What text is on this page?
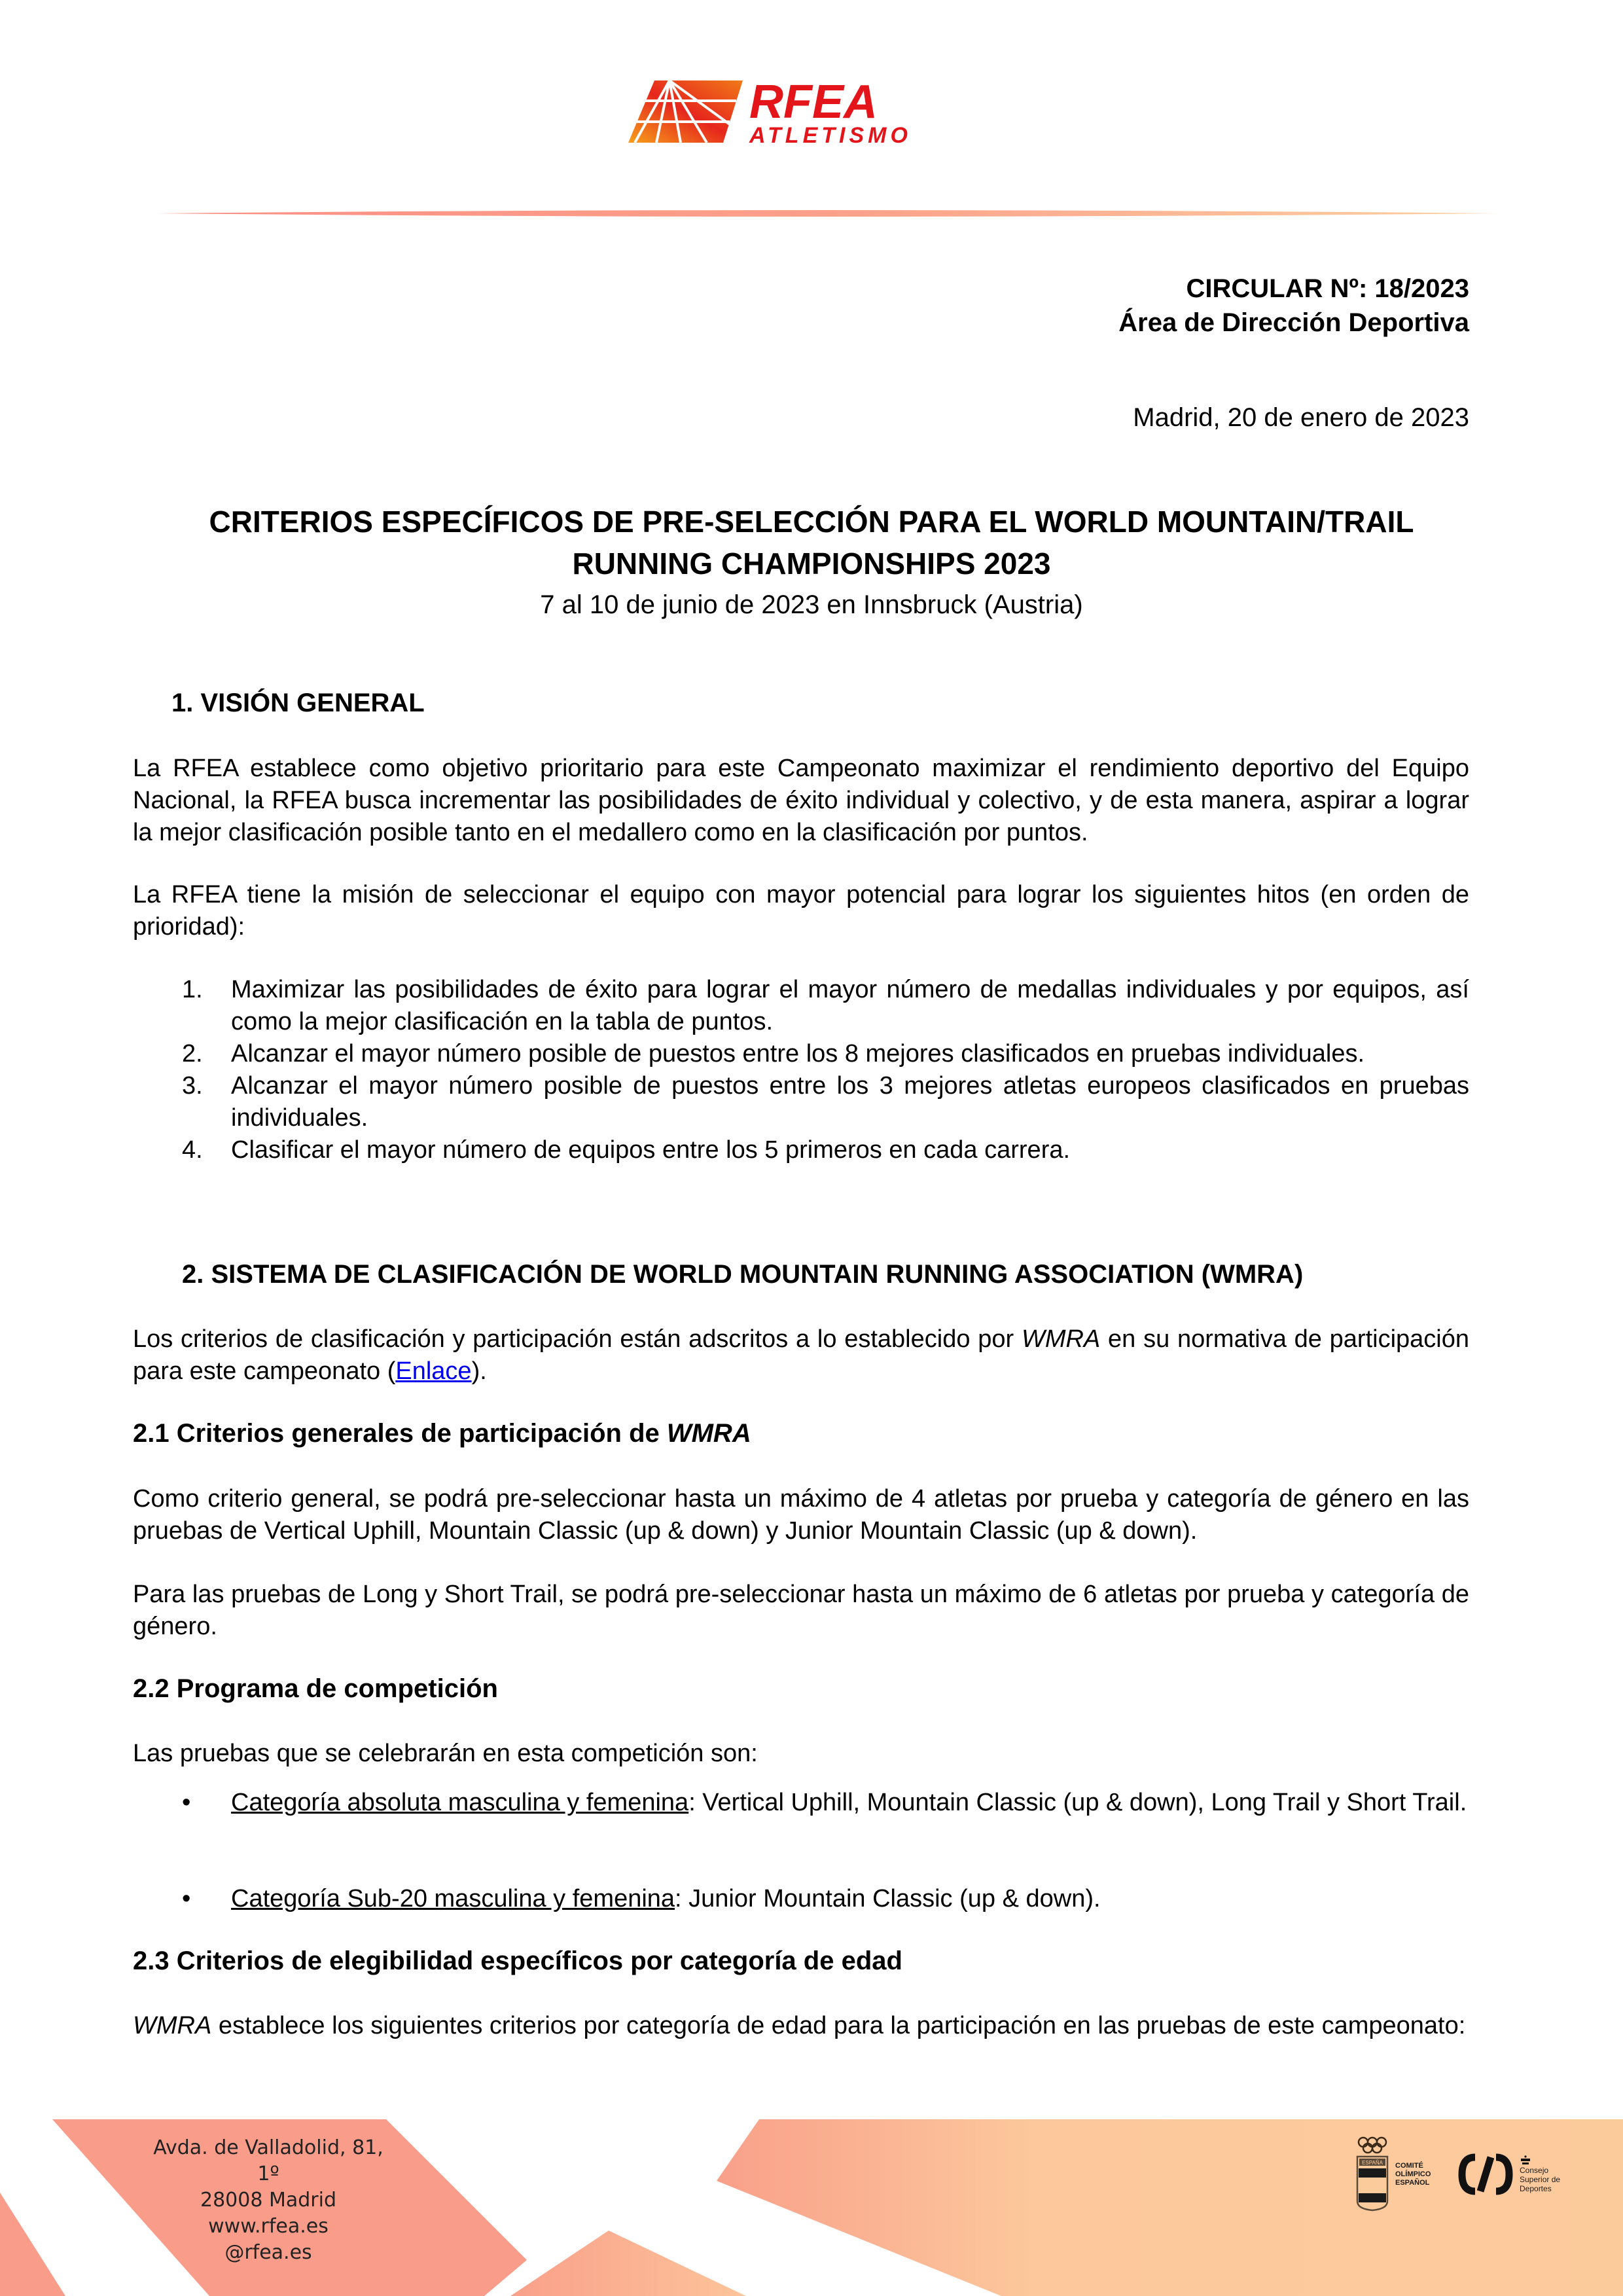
RFEA
ATLETISMO
CIRCULAR Nº: 18/2023
Área de Dirección Deportiva
Madrid, 20 de enero de 2023
CRITERIOS ESPECÍFICOS DE PRE-SELECCIÓN PARA EL WORLD MOUNTAIN/TRAIL
RUNNING CHAMPIONSHIPS 2023
7 al 10 de junio de 2023 en Innsbruck (Austria)
1. VISIÓN GENERAL

La RFEA establece como objetivo prioritario para este Campeonato maximizar el rendimiento deportivo del Equipo Nacional, la RFEA busca incrementar las posibilidades de éxito individual y colectivo, y de esta manera, aspirar a lograr la mejor clasificación posible tanto en el medallero como en la clasificación por puntos.

La RFEA tiene la misión de seleccionar el equipo con mayor potencial para lograr los siguientes hitos (en orden de prioridad):

1. Maximizar las posibilidades de éxito para lograr el mayor número de medallas individuales y por equipos, así como la mejor clasificación en la tabla de puntos.
2. Alcanzar el mayor número posible de puestos entre los 8 mejores clasificados en pruebas individuales.
3. Alcanzar el mayor número posible de puestos entre los 3 mejores atletas europeos clasificados en pruebas individuales.
4. Clasificar el mayor número de equipos entre los 5 primeros en cada carrera.
2. SISTEMA DE CLASIFICACIÓN DE WORLD MOUNTAIN RUNNING ASSOCIATION (WMRA)

Los criterios de clasificación y participación están adscritos a lo establecido por WMRA en su normativa de participación para este campeonato (Enlace).

2.1 Criterios generales de participación de WMRA

Como criterio general, se podrá pre-seleccionar hasta un máximo de 4 atletas por prueba y categoría de género en las pruebas de Vertical Uphill, Mountain Classic (up & down) y Junior Mountain Classic (up & down).

Para las pruebas de Long y Short Trail, se podrá pre-seleccionar hasta un máximo de 6 atletas por prueba y categoría de género.

2.2 Programa de competición

Las pruebas que se celebrarán en esta competición son:

• Categoría absoluta masculina y femenina: Vertical Uphill, Mountain Classic (up & down), Long Trail y Short Trail.
• Categoría Sub-20 masculina y femenina: Junior Mountain Classic (up & down).
2.3 Criterios de elegibilidad específicos por categoría de edad

WMRA establece los siguientes criterios por categoría de edad para la participación en las pruebas de este campeonato:

Avda. de Valladolid, 81, 1º
28008 Madrid
www.rfea.es
@rfea.es
ESPAÑA COMITÉ OLÍMPICO ESPAÑOL
Consejo Superior de Deportes
